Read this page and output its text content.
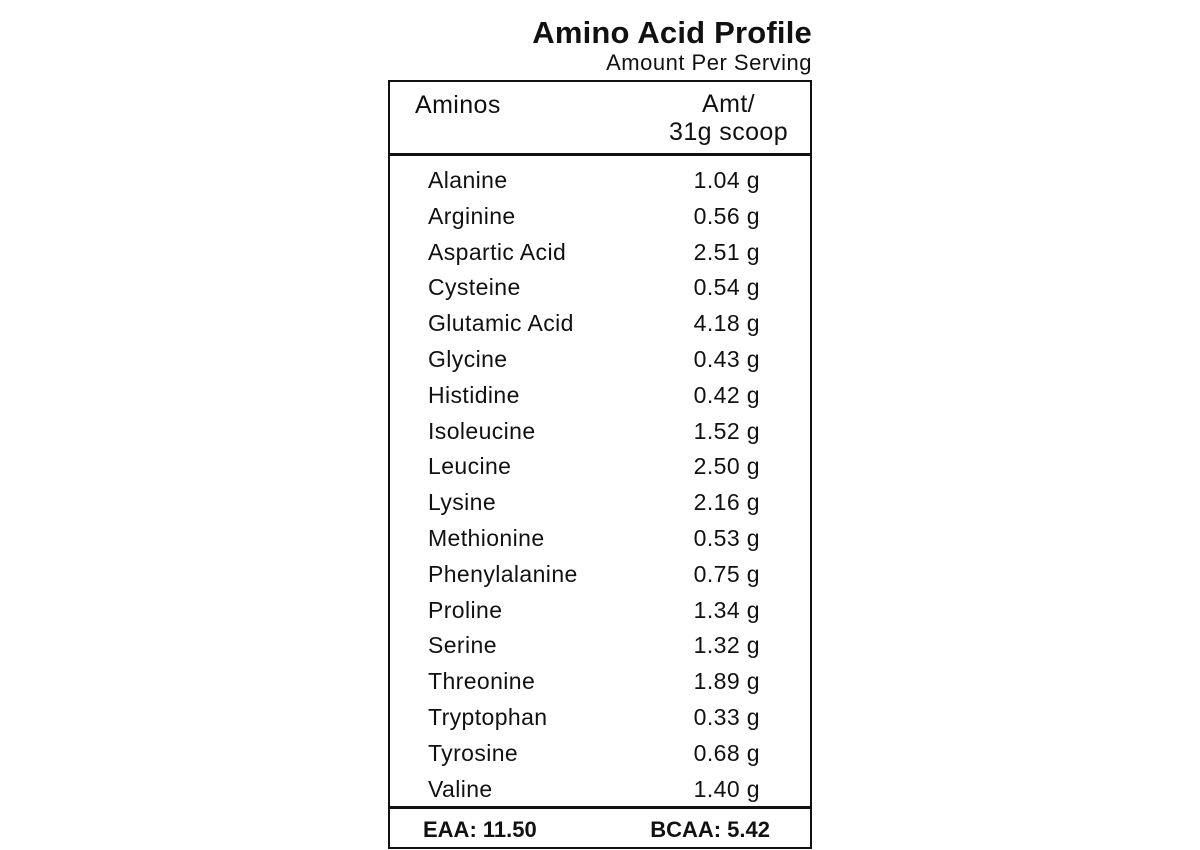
Amino Acid Profile
Amount Per Serving
Aminos	Amt/
31g scoop
Alanine	1.04 g
Arginine	0.56 g
Aspartic Acid	2.51 g
Cysteine	0.54 g
Glutamic Acid	4.18 g
Glycine	0.43 g
Histidine	0.42 g
Isoleucine	1.52 g
Leucine	2.50 g
Lysine	2.16 g
Methionine	0.53 g
Phenylalanine	0.75 g
Proline	1.34 g
Serine	1.32 g
Threonine	1.89 g
Tryptophan	0.33 g
Tyrosine	0.68 g
Valine	1.40 g
EAA: 11.50	BCAA: 5.42
